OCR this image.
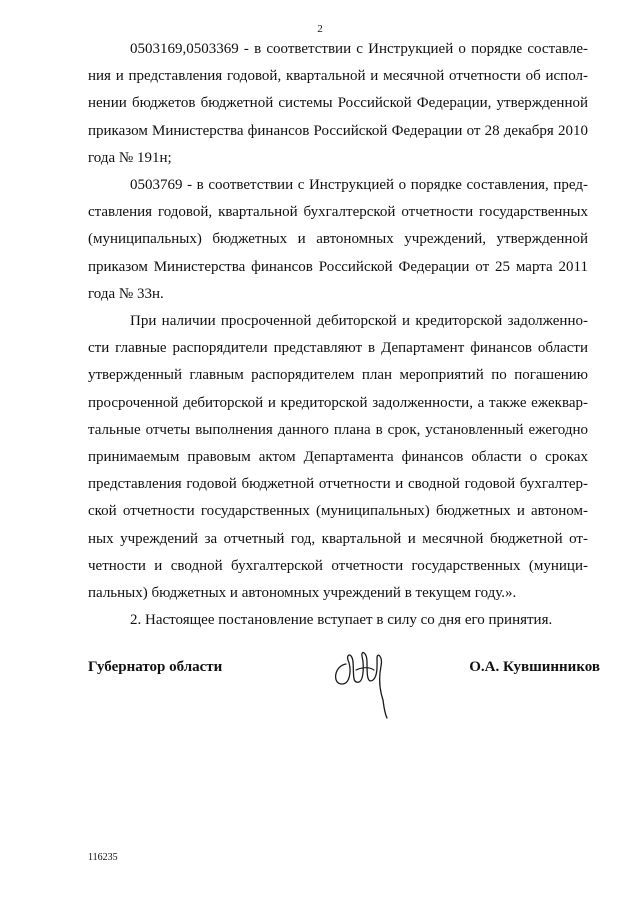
2

0503169,0503369 - в соответствии с Инструкцией о порядке составления и представления годовой, квартальной и месячной отчетности об исполнении бюджетов бюджетной системы Российской Федерации, утвержденной приказом Министерства финансов Российской Федерации от 28 декабря 2010 года № 191н;

0503769 - в соответствии с Инструкцией о порядке составления, представления годовой, квартальной бухгалтерской отчетности государственных (муниципальных) бюджетных и автономных учреждений, утвержденной приказом Министерства финансов Российской Федерации от 25 марта 2011 года № 33н.

При наличии просроченной дебиторской и кредиторской задолженности главные распорядители представляют в Департамент финансов области утвержденный главным распорядителем план мероприятий по погашению просроченной дебиторской и кредиторской задолженности, а также ежеквартальные отчеты выполнения данного плана в срок, установленный ежегодно принимаемым правовым актом Департамента финансов области о сроках представления годовой бюджетной отчетности и сводной годовой бухгалтерской отчетности государственных (муниципальных) бюджетных и автономных учреждений за отчетный год, квартальной и месячной бюджетной отчетности и сводной бухгалтерской отчетности государственных (муниципальных) бюджетных и автономных учреждений в текущем году.».

2. Настоящее постановление вступает в силу со дня его принятия.

Губернатор области	О.А. Кувшинников
116235
